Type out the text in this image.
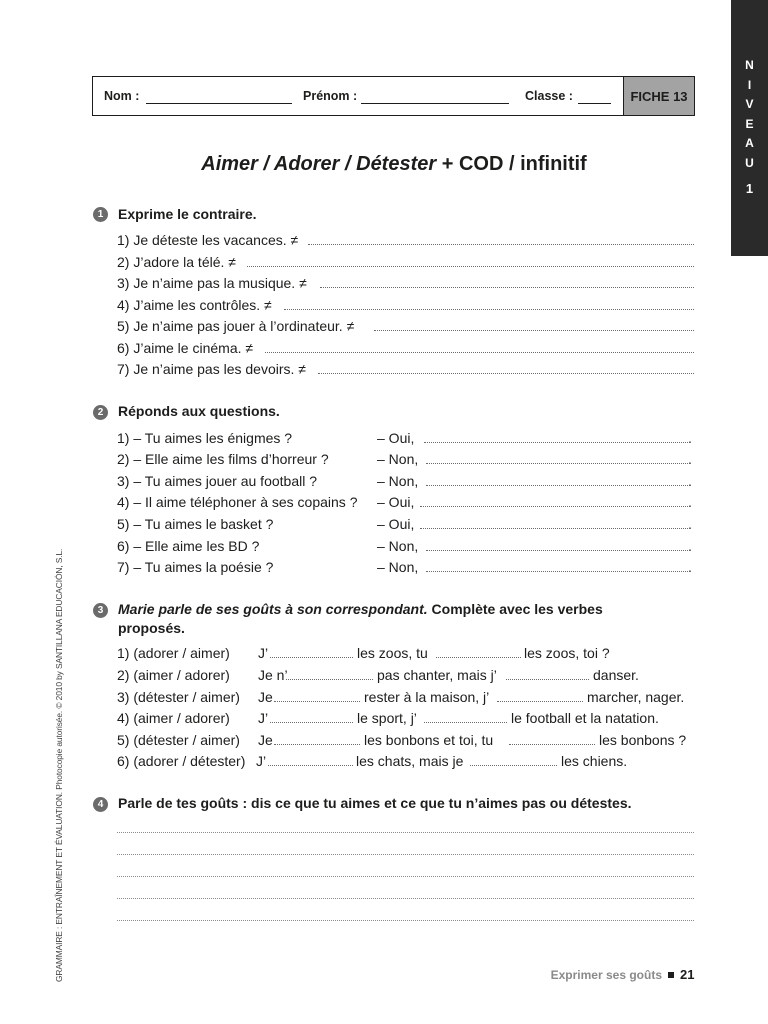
N
I
V
E
A
U
1
Nom :	Prénom :	Classe :	FICHE 13
Aimer / Adorer / Détester + COD / infinitif
1	Exprime le contraire.
1) Je déteste les vacances. ≠
2) J’adore la télé. ≠
3) Je n’aime pas la musique. ≠
4) J’aime les contrôles. ≠
5) Je n’aime pas jouer à l’ordinateur. ≠
6) J’aime le cinéma. ≠
7) Je n’aime pas les devoirs. ≠
2	Réponds aux questions.
1) – Tu aimes les énigmes ?	– Oui,	.
2) – Elle aime les films d’horreur ?	– Non,	.
3) – Tu aimes jouer au football ?	– Non,	.
4) – Il aime téléphoner à ses copains ? – Oui,	.
5) – Tu aimes le basket ?	– Oui,	.
6) – Elle aime les BD ?	– Non,	.
7) – Tu aimes la poésie ?	– Non,	.
3	Marie parle de ses goûts à son correspondant. Complète avec les verbes
proposés.
1) (adorer / aimer) J’	les zoos, tu	les zoos, toi ?
2) (aimer / adorer) Je n’	pas chanter, mais j’	danser.
3) (détester / aimer) Je	rester à la maison, j’	marcher, nager.
4) (aimer / adorer) J’	le sport, j’	le football et la natation.
5) (détester / aimer) Je	les bonbons et toi, tu	les bonbons ?
6) (adorer / détester) J’	les chats, mais je	les chiens.
4	Parle de tes goûts : dis ce que tu aimes et ce que tu n’aimes pas ou détestes.
GRAMMAIRE : ENTRAÎNEMENT ET ÉVALUATION. Photocopie autorisée. © 2010 by SANTILLANA EDUCACIÓN, S.L.	Exprimer ses goûts 21
